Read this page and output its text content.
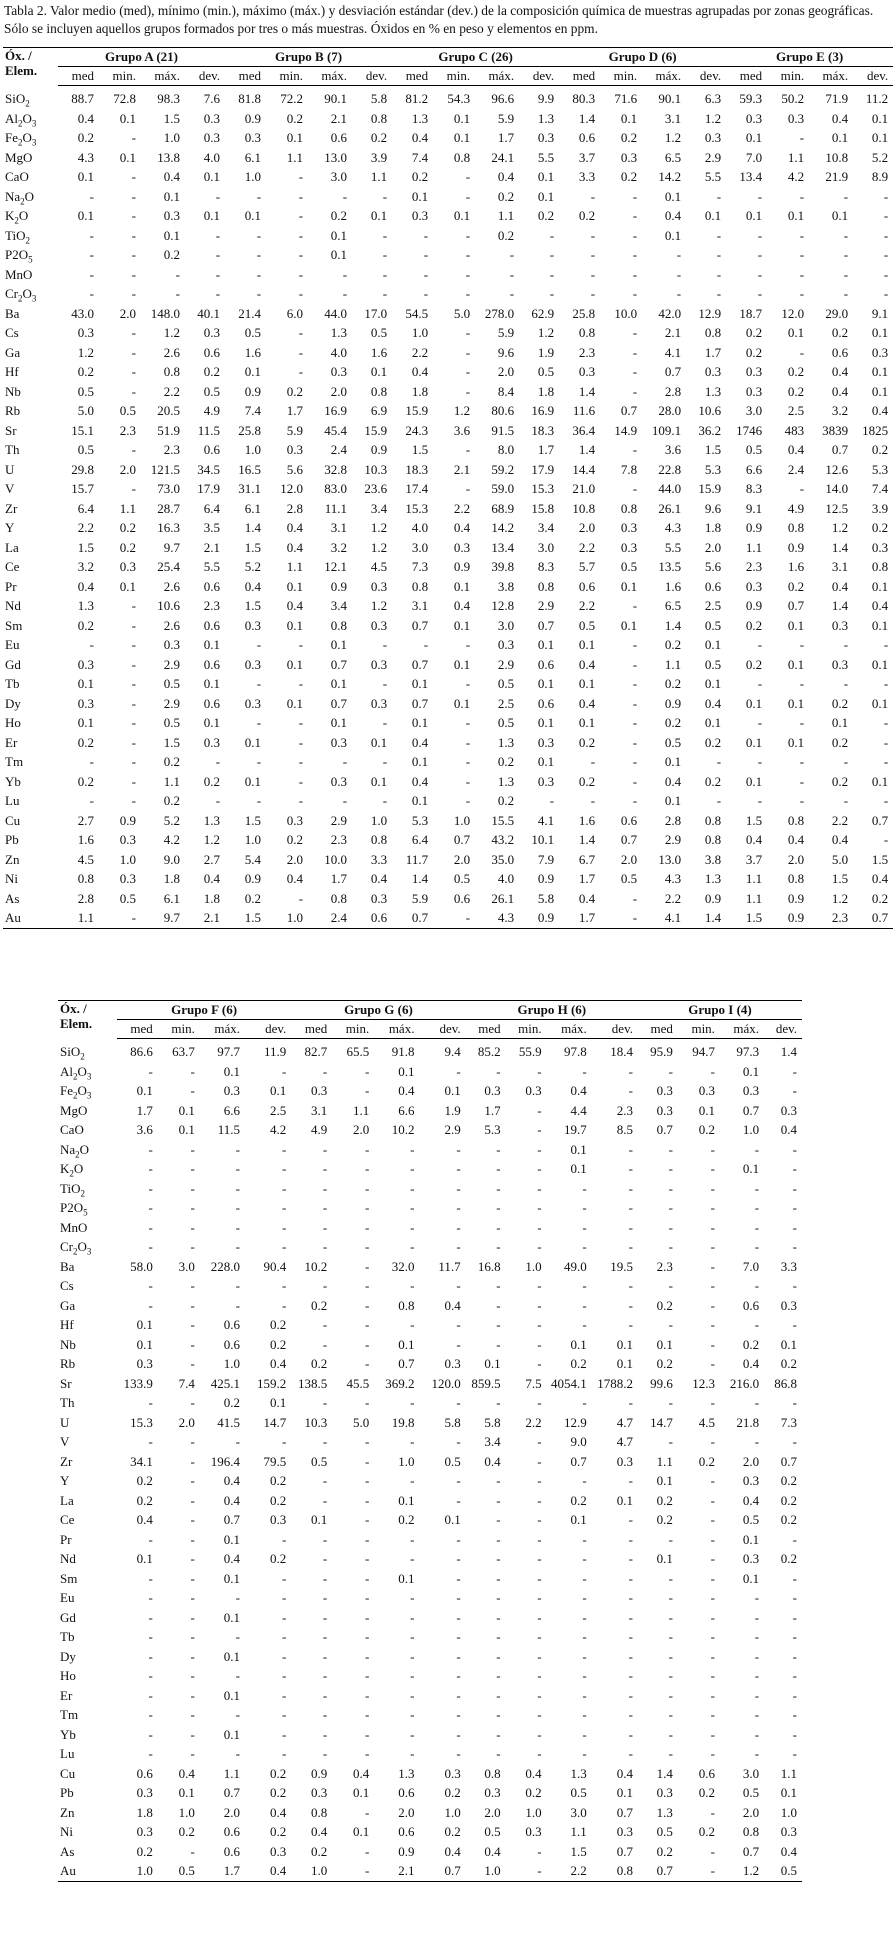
Tabla 2. Valor medio (med), mínimo (min.), máximo (máx.) y desviación estándar (dev.) de la composición química de muestras agrupadas por zonas geográficas. Sólo se incluyen aquellos grupos formados por tres o más muestras. Óxidos en % en peso y elementos en ppm.

Óx. /
Elem.	Grupo A (21)				Grupo B (7)				Grupo C (26)				Grupo D (6)				Grupo E (3)			
	med	min.	máx.	dev.	med	min.	máx.	dev.	med	min.	máx.	dev.	med	min.	máx.	dev.	med	min.	máx.	dev.
SiO$_2$	88.7	72.8	98.3	7.6	81.8	72.2	90.1	5.8	81.2	54.3	96.6	9.9	80.3	71.6	90.1	6.3	59.3	50.2	71.9	11.2
$Al_2O_3$	0.4	0.1	1.5	0.3	0.9	0.2	2.1	0.8	1.3	0.1	5.9	1.3	1.4	0.1	3.1	1.2	0.3	0.3	0.4	0.1
$Fe_2O_3$	0.2	-	1.0	0.3	0.3	0.1	0.6	0.2	0.4	0.1	1.7	0.3	0.6	0.2	1.2	0.3	0.1	-	0.1	0.1
MgO	4.3	0.1	13.8	4.0	6.1	1.1	13.0	3.9	7.4	0.8	24.1	5.5	3.7	0.3	6.5	2.9	7.0	1.1	10.8	5.2
CaO	0.1	-	0.4	0.1	1.0	-	3.0	1.1	0.2	-	0.4	0.1	3.3	0.2	14.2	5.5	13.4	4.2	21.9	8.9
$Na_2O$	-	-	0.1	-	-	-	-	-	0.1	-	0.2	0.1	-	-	0.1	-	-	-	-	-
$K_2O$	0.1	-	0.3	0.1	0.1	-	0.2	0.1	0.3	0.1	1.1	0.2	0.2	-	0.4	0.1	0.1	0.1	0.1	-
TiO$_2$	-	-	0.1	-	-	-	0.1	-	-	-	0.2	-	-	-	0.1	-	-	-	-	-
$P2O_5$	-	-	0.2	-	-	-	0.1	-	-	-	-	-	-	-	-	-	-	-	-	-
MnO	-	-	-	-	-	-	-	-	-	-	-	-	-	-	-	-	-	-	-	-
$Cr_2O_3$	-	-	-	-	-	-	-	-	-	-	-	-	-	-	-	-	-	-	-	-
Ba	43.0	2.0	148.0	40.1	21.4	6.0	44.0	17.0	54.5	5.0	278.0	62.9	25.8	10.0	42.0	12.9	18.7	12.0	29.0	9.1
Cs	0.3	-	1.2	0.3	0.5	-	1.3	0.5	1.0	-	5.9	1.2	0.8	-	2.1	0.8	0.2	0.1	0.2	0.1
Ga	1.2	-	2.6	0.6	1.6	-	4.0	1.6	2.2	-	9.6	1.9	2.3	-	4.1	1.7	0.2	-	0.6	0.3
Hf	0.2	-	0.8	0.2	0.1	-	0.3	0.1	0.4	-	2.0	0.5	0.3	-	0.7	0.3	0.3	0.2	0.4	0.1
Nb	0.5	-	2.2	0.5	0.9	0.2	2.0	0.8	1.8	-	8.4	1.8	1.4	-	2.8	1.3	0.3	0.2	0.4	0.1
Rb	5.0	0.5	20.5	4.9	7.4	1.7	16.9	6.9	15.9	1.2	80.6	16.9	11.6	0.7	28.0	10.6	3.0	2.5	3.2	0.4
Sr	15.1	2.3	51.9	11.5	25.8	5.9	45.4	15.9	24.3	3.6	91.5	18.3	36.4	14.9	109.1	36.2	1746	483	3839	1825
Th	0.5	-	2.3	0.6	1.0	0.3	2.4	0.9	1.5	-	8.0	1.7	1.4	-	3.6	1.5	0.5	0.4	0.7	0.2
U	29.8	2.0	121.5	34.5	16.5	5.6	32.8	10.3	18.3	2.1	59.2	17.9	14.4	7.8	22.8	5.3	6.6	2.4	12.6	5.3
V	15.7	-	73.0	17.9	31.1	12.0	83.0	23.6	17.4	-	59.0	15.3	21.0	-	44.0	15.9	8.3	-	14.0	7.4
Zr	6.4	1.1	28.7	6.4	6.1	2.8	11.1	3.4	15.3	2.2	68.9	15.8	10.8	0.8	26.1	9.6	9.1	4.9	12.5	3.9
Y	2.2	0.2	16.3	3.5	1.4	0.4	3.1	1.2	4.0	0.4	14.2	3.4	2.0	0.3	4.3	1.8	0.9	0.8	1.2	0.2
La	1.5	0.2	9.7	2.1	1.5	0.4	3.2	1.2	3.0	0.3	13.4	3.0	2.2	0.3	5.5	2.0	1.1	0.9	1.4	0.3
Ce	3.2	0.3	25.4	5.5	5.2	1.1	12.1	4.5	7.3	0.9	39.8	8.3	5.7	0.5	13.5	5.6	2.3	1.6	3.1	0.8
Pr	0.4	0.1	2.6	0.6	0.4	0.1	0.9	0.3	0.8	0.1	3.8	0.8	0.6	0.1	1.6	0.6	0.3	0.2	0.4	0.1
Nd	1.3	-	10.6	2.3	1.5	0.4	3.4	1.2	3.1	0.4	12.8	2.9	2.2	-	6.5	2.5	0.9	0.7	1.4	0.4
Sm	0.2	-	2.6	0.6	0.3	0.1	0.8	0.3	0.7	0.1	3.0	0.7	0.5	0.1	1.4	0.5	0.2	0.1	0.3	0.1
Eu	-	-	0.3	0.1	-	-	0.1	-	-	-	0.3	0.1	0.1	-	0.2	0.1	-	-	-	-
Gd	0.3	-	2.9	0.6	0.3	0.1	0.7	0.3	0.7	0.1	2.9	0.6	0.4	-	1.1	0.5	0.2	0.1	0.3	0.1
Tb	0.1	-	0.5	0.1	-	-	0.1	-	0.1	-	0.5	0.1	0.1	-	0.2	0.1	-	-	-	-
Dy	0.3	-	2.9	0.6	0.3	0.1	0.7	0.3	0.7	0.1	2.5	0.6	0.4	-	0.9	0.4	0.1	0.1	0.2	0.1
Ho	0.1	-	0.5	0.1	-	-	0.1	-	0.1	-	0.5	0.1	0.1	-	0.2	0.1	-	-	0.1	-
Er	0.2	-	1.5	0.3	0.1	-	0.3	0.1	0.4	-	1.3	0.3	0.2	-	0.5	0.2	0.1	0.1	0.2	-
Tm	-	-	0.2	-	-	-	-	-	0.1	-	0.2	0.1	-	-	0.1	-	-	-	-	-
Yb	0.2	-	1.1	0.2	0.1	-	0.3	0.1	0.4	-	1.3	0.3	0.2	-	0.4	0.2	0.1	-	0.2	0.1
Lu	-	-	0.2	-	-	-	-	-	0.1	-	0.2	-	-	-	0.1	-	-	-	-	-
Cu	2.7	0.9	5.2	1.3	1.5	0.3	2.9	1.0	5.3	1.0	15.5	4.1	1.6	0.6	2.8	0.8	1.5	0.8	2.2	0.7
Pb	1.6	0.3	4.2	1.2	1.0	0.2	2.3	0.8	6.4	0.7	43.2	10.1	1.4	0.7	2.9	0.8	0.4	0.4	0.4	-
Zn	4.5	1.0	9.0	2.7	5.4	2.0	10.0	3.3	11.7	2.0	35.0	7.9	6.7	2.0	13.0	3.8	3.7	2.0	5.0	1.5
Ni	0.8	0.3	1.8	0.4	0.9	0.4	1.7	0.4	1.4	0.5	4.0	0.9	1.7	0.5	4.3	1.3	1.1	0.8	1.5	0.4
As	2.8	0.5	6.1	1.8	0.2	-	0.8	0.3	5.9	0.6	26.1	5.8	0.4	-	2.2	0.9	1.1	0.9	1.2	0.2
Au	1.1	-	9.7	2.1	1.5	1.0	2.4	0.6	0.7	-	4.3	0.9	1.7	-	4.1	1.4	1.5	0.9	2.3	0.7
Óx. /
Elem.	Grupo F (6)				Grupo G (6)				Grupo H (6)				Grupo I (4)			
	med	min.	máx.	dev.	med	min.	máx.	dev.	med	min.	máx.	dev.	med	min.	máx.	dev.
SiO$_2$	86.6	63.7	97.7	11.9	82.7	65.5	91.8	9.4	85.2	55.9	97.8	18.4	95.9	94.7	97.3	1.4
$Al_2O_3$	-	-	0.1	-	-	-	0.1	-	-	-	-	-	-	-	0.1	-
$Fe_2O_3$	0.1	-	0.3	0.1	0.3	-	0.4	0.1	0.3	0.3	0.4	-	0.3	0.3	0.3	-
MgO	1.7	0.1	6.6	2.5	3.1	1.1	6.6	1.9	1.7	-	4.4	2.3	0.3	0.1	0.7	0.3
CaO	3.6	0.1	11.5	4.2	4.9	2.0	10.2	2.9	5.3	-	19.7	8.5	0.7	0.2	1.0	0.4
$Na_2O$	-	-	-	-	-	-	-	-	-	-	0.1	-	-	-	-	-
$K_2O$	-	-	-	-	-	-	-	-	-	-	0.1	-	-	-	0.1	-
TiO$_2$	-	-	-	-	-	-	-	-	-	-	-	-	-	-	-	-
$P2O_5$	-	-	-	-	-	-	-	-	-	-	-	-	-	-	-	-
MnO	-	-	-	-	-	-	-	-	-	-	-	-	-	-	-	-
$Cr_2O_3$	-	-	-	-	-	-	-	-	-	-	-	-	-	-	-	-
Ba	58.0	3.0	228.0	90.4	10.2	-	32.0	11.7	16.8	1.0	49.0	19.5	2.3	-	7.0	3.3
Cs	-	-	-	-	-	-	-	-	-	-	-	-	-	-	-	-
Ga	-	-	-	-	0.2	-	0.8	0.4	-	-	-	-	0.2	-	0.6	0.3
Hf	0.1	-	0.6	0.2	-	-	-	-	-	-	-	-	-	-	-	-
Nb	0.1	-	0.6	0.2	-	-	0.1	-	-	-	0.1	0.1	0.1	-	0.2	0.1
Rb	0.3	-	1.0	0.4	0.2	-	0.7	0.3	0.1	-	0.2	0.1	0.2	-	0.4	0.2
Sr	133.9	7.4	425.1	159.2	138.5	45.5	369.2	120.0	859.5	7.5	4054.1	1788.2	99.6	12.3	216.0	86.8
Th	-	-	0.2	0.1	-	-	-	-	-	-	-	-	-	-	-	-
U	15.3	2.0	41.5	14.7	10.3	5.0	19.8	5.8	5.8	2.2	12.9	4.7	14.7	4.5	21.8	7.3
V	-	-	-	-	-	-	-	-	3.4	-	9.0	4.7	-	-	-	-
Zr	34.1	-	196.4	79.5	0.5	-	1.0	0.5	0.4	-	0.7	0.3	1.1	0.2	2.0	0.7
Y	0.2	-	0.4	0.2	-	-	-	-	-	-	-	-	0.1	-	0.3	0.2
La	0.2	-	0.4	0.2	-	-	0.1	-	-	-	0.2	0.1	0.2	-	0.4	0.2
Ce	0.4	-	0.7	0.3	0.1	-	0.2	0.1	-	-	0.1	-	0.2	-	0.5	0.2
Pr	-	-	0.1	-	-	-	-	-	-	-	-	-	-	-	0.1	-
Nd	0.1	-	0.4	0.2	-	-	-	-	-	-	-	-	0.1	-	0.3	0.2
Sm	-	-	0.1	-	-	-	0.1	-	-	-	-	-	-	-	0.1	-
Eu	-	-	-	-	-	-	-	-	-	-	-	-	-	-	-	-
Gd	-	-	0.1	-	-	-	-	-	-	-	-	-	-	-	-	-
Tb	-	-	-	-	-	-	-	-	-	-	-	-	-	-	-	-
Dy	-	-	0.1	-	-	-	-	-	-	-	-	-	-	-	-	-
Ho	-	-	-	-	-	-	-	-	-	-	-	-	-	-	-	-
Er	-	-	0.1	-	-	-	-	-	-	-	-	-	-	-	-	-
Tm	-	-	-	-	-	-	-	-	-	-	-	-	-	-	-	-
Yb	-	-	0.1	-	-	-	-	-	-	-	-	-	-	-	-	-
Lu	-	-	-	-	-	-	-	-	-	-	-	-	-	-	-	-
Cu	0.6	0.4	1.1	0.2	0.9	0.4	1.3	0.3	0.8	0.4	1.3	0.4	1.4	0.6	3.0	1.1
Pb	0.3	0.1	0.7	0.2	0.3	0.1	0.6	0.2	0.3	0.2	0.5	0.1	0.3	0.2	0.5	0.1
Zn	1.8	1.0	2.0	0.4	0.8	-	2.0	1.0	2.0	1.0	3.0	0.7	1.3	-	2.0	1.0
Ni	0.3	0.2	0.6	0.2	0.4	0.1	0.6	0.2	0.5	0.3	1.1	0.3	0.5	0.2	0.8	0.3
As	0.2	-	0.6	0.3	0.2	-	0.9	0.4	0.4	-	1.5	0.7	0.2	-	0.7	0.4
Au	1.0	0.5	1.7	0.4	1.0	-	2.1	0.7	1.0	-	2.2	0.8	0.7	-	1.2	0.5
